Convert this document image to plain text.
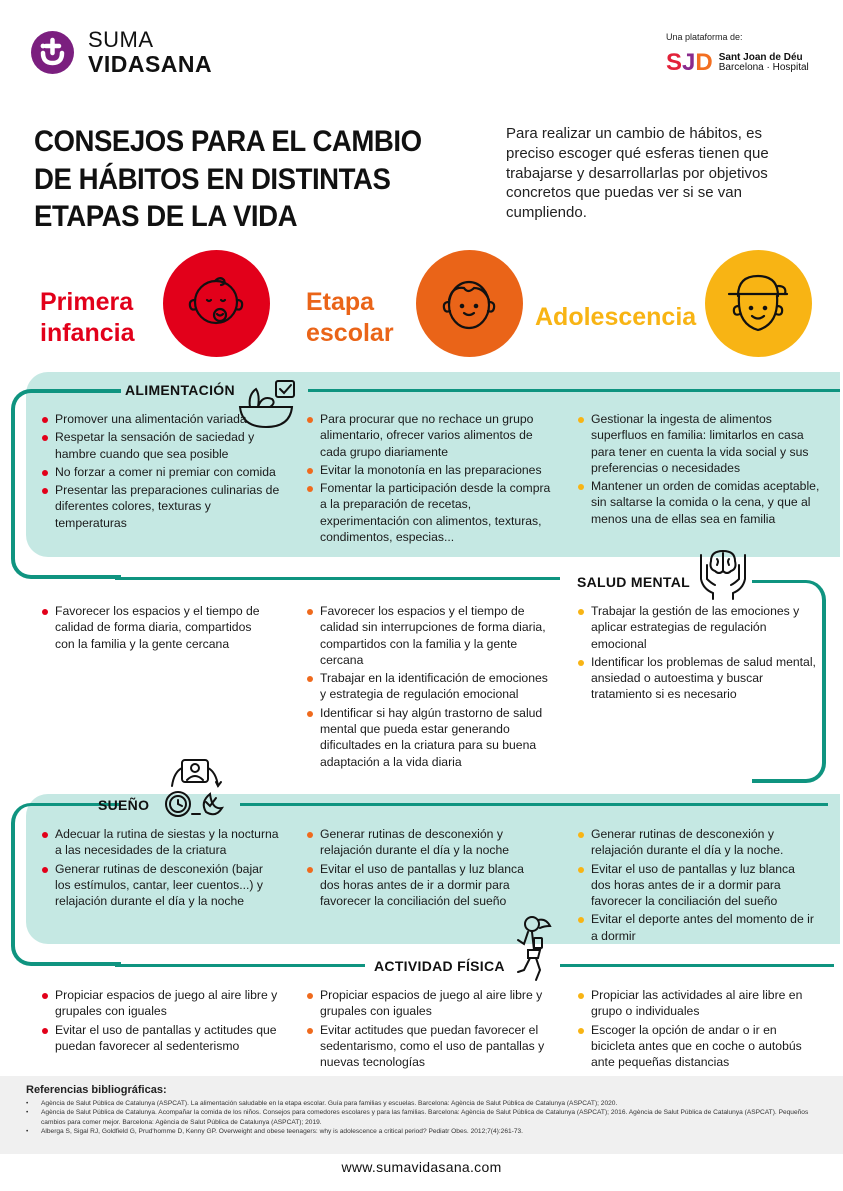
SUMA
VIDASANA
Una plataforma de:
SJD Sant Joan de Déu
Barcelona · Hospital
CONSEJOS PARA EL CAMBIO DE HÁBITOS EN DISTINTAS ETAPAS DE LA VIDA

Para realizar un cambio de hábitos, es preciso escoger qué esferas tienen que trabajarse y desarrollarlas por objetivos concretos que puedas ver si se van cumpliendo.

Primera
infancia
Etapa
escolar
Adolescencia
ALIMENTACIÓN
Promover una alimentación variada
Respetar la sensación de saciedad y hambre cuando que sea posible
No forzar a comer ni premiar con comida
Presentar las preparaciones culinarias de diferentes colores, texturas y temperaturas
Para procurar que no rechace un grupo alimentario, ofrecer varios alimentos de cada grupo diariamente
Evitar la monotonía en las preparaciones
Fomentar la participación desde la compra a la preparación de recetas, experimentación con alimentos, texturas, condimentos, especias...
Gestionar la ingesta de alimentos superfluos en familia: limitarlos en casa para tener en cuenta la vida social y sus preferencias o necesidades
Mantener un orden de comidas aceptable, sin saltarse la comida o la cena, y que al menos una de ellas sea en familia
SALUD MENTAL
Favorecer los espacios y el tiempo de calidad de forma diaria, compartidos con la familia y la gente cercana
Favorecer los espacios y el tiempo de calidad sin interrupciones de forma diaria, compartidos con la familia y la gente cercana
Trabajar en la identificación de emociones y estrategia de regulación emocional
Identificar si hay algún trastorno de salud mental que pueda estar generando dificultades en la criatura para su buena adaptación a la vida diaria
Trabajar la gestión de las emociones y aplicar estrategias de regulación emocional
Identificar los problemas de salud mental, ansiedad o autoestima y buscar tratamiento si es necesario
SUEÑO
Adecuar la rutina de siestas y la nocturna a las necesidades de la criatura
Generar rutinas de desconexión (bajar los estímulos, cantar, leer cuentos...) y relajación durante el día y la noche
Generar rutinas de desconexión y relajación durante el día y la noche
Evitar el uso de pantallas y luz blanca dos horas antes de ir a dormir para favorecer la conciliación del sueño
Generar rutinas de desconexión y relajación durante el día y la noche.
Evitar el uso de pantallas y luz blanca dos horas antes de ir a dormir para favorecer la conciliación del sueño
Evitar el deporte antes del momento de ir a dormir
ACTIVIDAD FÍSICA
Propiciar espacios de juego al aire libre y grupales con iguales
Evitar el uso de pantallas y actitudes que puedan favorecer al sedenterismo
Propiciar espacios de juego al aire libre y grupales con iguales
Evitar actitudes que puedan favorecer el sedentarismo, como el uso de pantallas y nuevas tecnologías
Propiciar las actividades al aire libre en grupo o individuales
Escoger la opción de andar o ir en bicicleta antes que en coche o autobús ante pequeñas distancias
Referencias bibliográficas:
• Agència de Salut Pública de Catalunya (ASPCAT). La alimentación saludable en la etapa escolar. Guía para familias y escuelas. Barcelona: Agència de Salut Pública de Catalunya (ASPCAT); 2020.
• Agència de Salut Pública de Catalunya. Acompañar la comida de los niños. Consejos para comedores escolares y para las familias. Barcelona: Agència de Salut Pública de Catalunya (ASPCAT); 2016. Agència de Salut Pública de Catalunya (ASPCAT). Pequeños cambios para comer mejor. Barcelona: Agència de Salut Pública de Catalunya (ASPCAT); 2019.
• Alberga S, Sigal RJ, Goldfield G, Prud'homme D, Kenny GP. Overweight and obese teenagers: why is adolescence a critical period? Pediatr Obes. 2012;7(4):261-73.
www.sumavidasana.com
